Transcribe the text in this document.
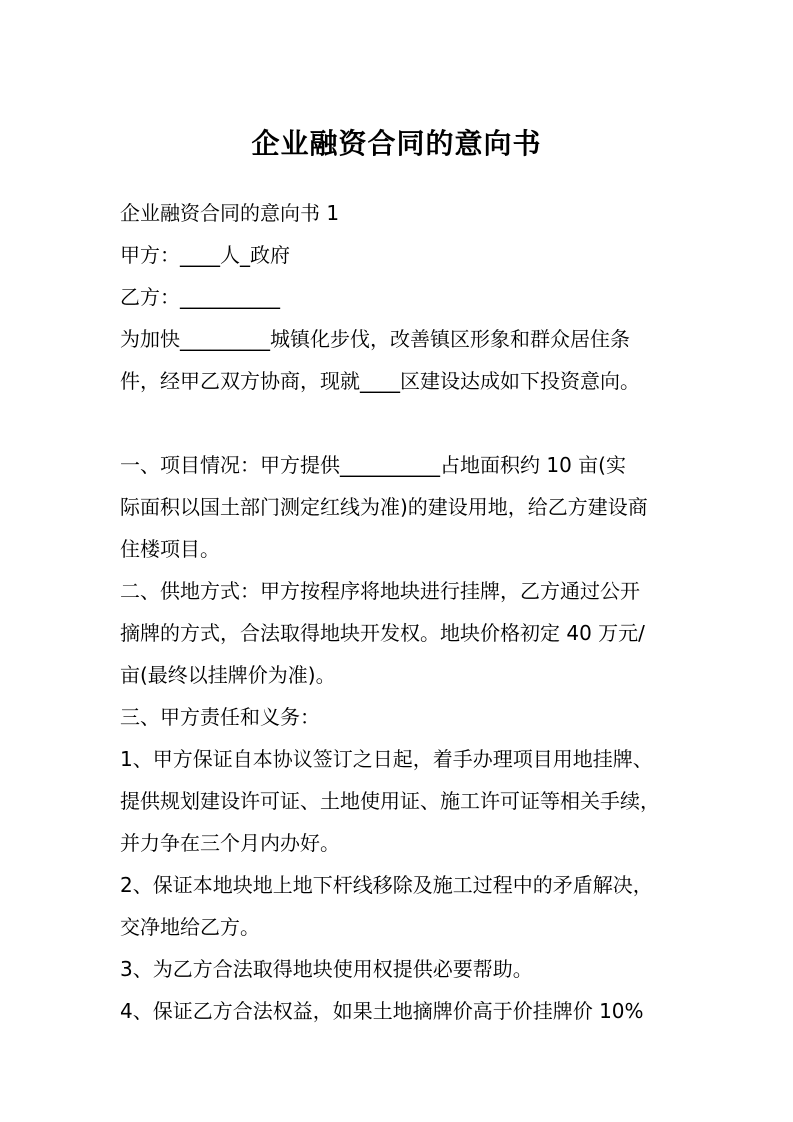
企业融资合同的意向书
企业融资合同的意向书 1
甲方：____人_政府
乙方：__________
为加快_________城镇化步伐，改善镇区形象和群众居住条
件，经甲乙双方协商，现就____区建设达成如下投资意向。
一、项目情况：甲方提供__________占地面积约 10 亩(实
际面积以国土部门测定红线为准)的建设用地，给乙方建设商
住楼项目。
二、供地方式：甲方按程序将地块进行挂牌，乙方通过公开
摘牌的方式，合法取得地块开发权。地块价格初定 40 万元/
亩(最终以挂牌价为准)。
三、甲方责任和义务：
1、甲方保证自本协议签订之日起，着手办理项目用地挂牌、
提供规划建设许可证、土地使用证、施工许可证等相关手续，
并力争在三个月内办好。
2、保证本地块地上地下杆线移除及施工过程中的矛盾解决，
交净地给乙方。
3、为乙方合法取得地块使用权提供必要帮助。
4、保证乙方合法权益，如果土地摘牌价高于价挂牌价 10%
